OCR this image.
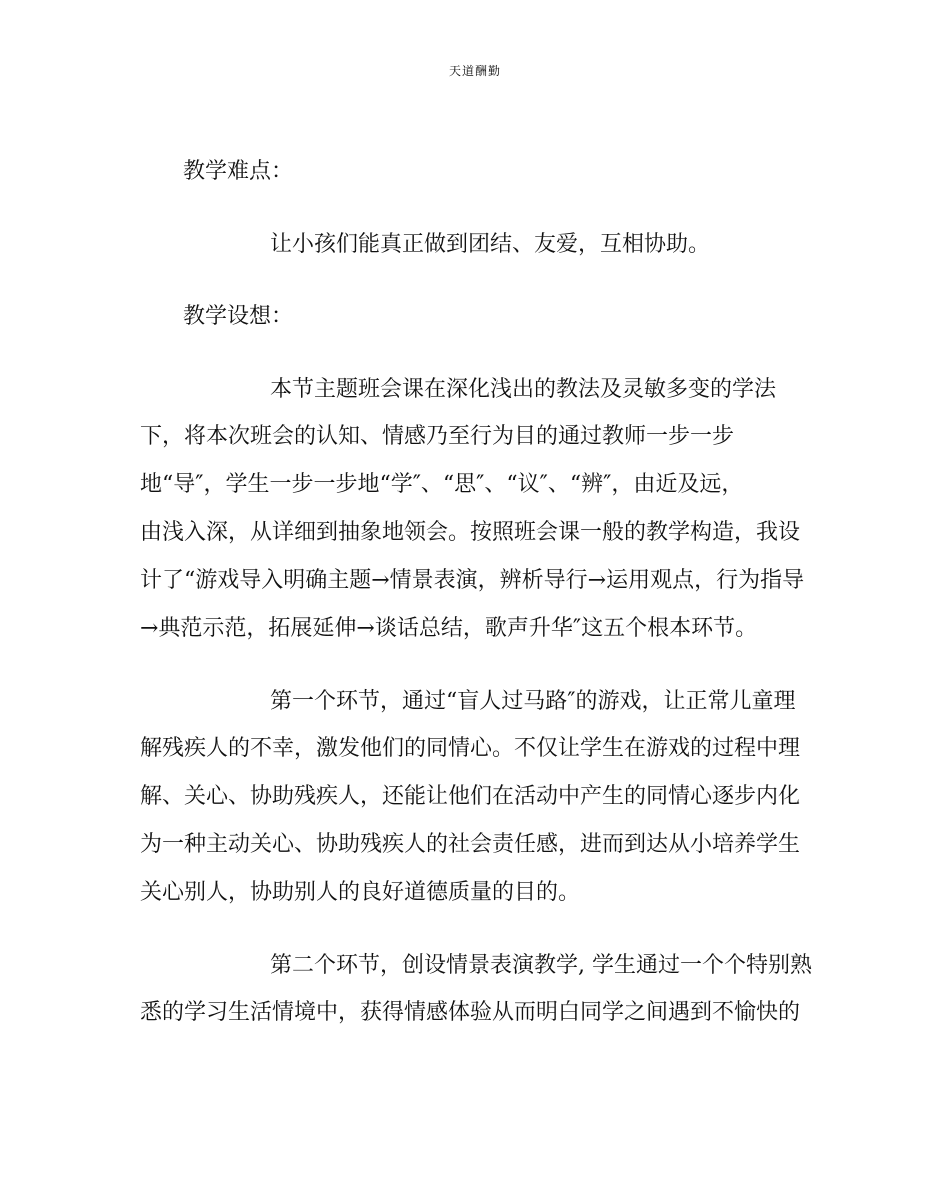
天道酬勤
教学难点：
让小孩们能真正做到团结、友爱，互相协助。
教学设想：
本节主题班会课在深化浅出的教法及灵敏多变的学法
下，将本次班会的认知、情感乃至行为目的通过教师一步一步
地“导″，学生一步一步地“学″、“思″、“议″、“辨″，由近及远，
由浅入深，从详细到抽象地领会。按照班会课一般的教学构造，我设
计了“游戏导入明确主题→情景表演，辨析导行→运用观点，行为指导
→典范示范，拓展延伸→谈话总结，歌声升华″这五个根本环节。
第一个环节，通过“盲人过马路″的游戏，让正常儿童理
解残疾人的不幸，激发他们的同情心。不仅让学生在游戏的过程中理
解、关心、协助残疾人，还能让他们在活动中产生的同情心逐步内化
为一种主动关心、协助残疾人的社会责任感，进而到达从小培养学生
关心别人，协助别人的良好道德质量的目的。
第二个环节，创设情景表演教学, 学生通过一个个特别熟
悉的学习生活情境中，获得情感体验从而明白同学之间遇到不愉快的
